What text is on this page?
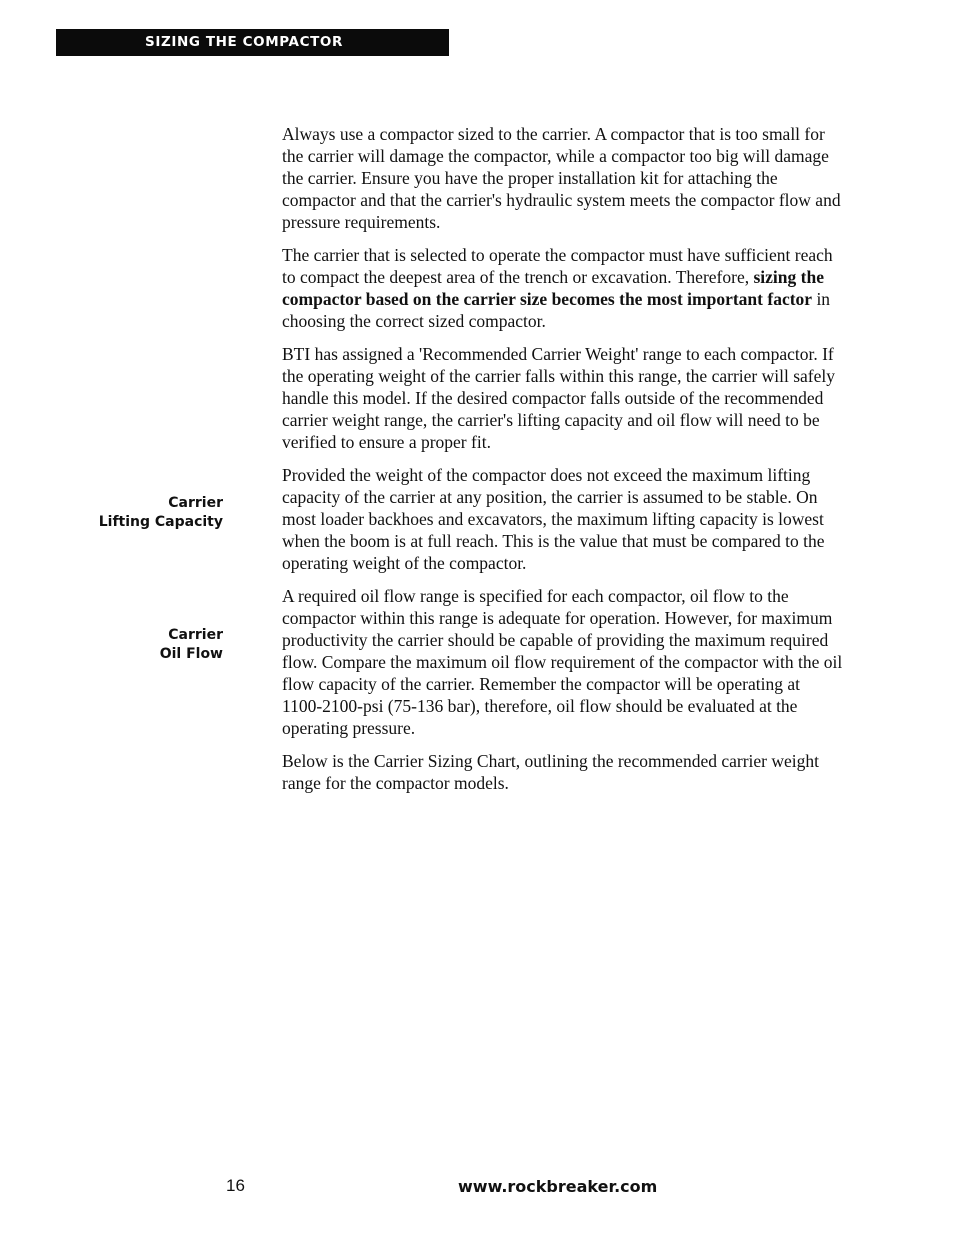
SIZING THE COMPACTOR
Carrier
Lifting Capacity
Carrier
Oil Flow

Always use a compactor sized to the carrier. A compactor that is too small for the carrier will damage the compactor, while a compactor too big will damage the carrier. Ensure you have the proper installation kit for attaching the compactor and that the carrier's hydraulic system meets the compactor flow and pressure requirements.

The carrier that is selected to operate the compactor must have sufficient reach to compact the deepest area of the trench or excavation. Therefore, sizing the compactor based on the carrier size becomes the most important factor in choosing the correct sized compactor.

BTI has assigned a 'Recommended Carrier Weight' range to each compactor. If the operating weight of the carrier falls within this range, the carrier will safely handle this model. If the desired compactor falls outside of the recommended carrier weight range, the carrier's lifting capacity and oil flow will need to be verified to ensure a proper fit.

Provided the weight of the compactor does not exceed the maximum lifting capacity of the carrier at any position, the carrier is assumed to be stable. On most loader backhoes and excavators, the maximum lifting capacity is lowest when the boom is at full reach. This is the value that must be compared to the operating weight of the compactor.

A required oil flow range is specified for each compactor, oil flow to the compactor within this range is adequate for operation. However, for maximum productivity the carrier should be capable of providing the maximum required flow. Compare the maximum oil flow requirement of the compactor with the oil flow capacity of the carrier. Remember the compactor will be operating at 1100-2100-psi (75-136 bar), therefore, oil flow should be evaluated at the operating pressure.

Below is the Carrier Sizing Chart, outlining the recommended carrier weight range for the compactor models.

16	www.rockbreaker.com
